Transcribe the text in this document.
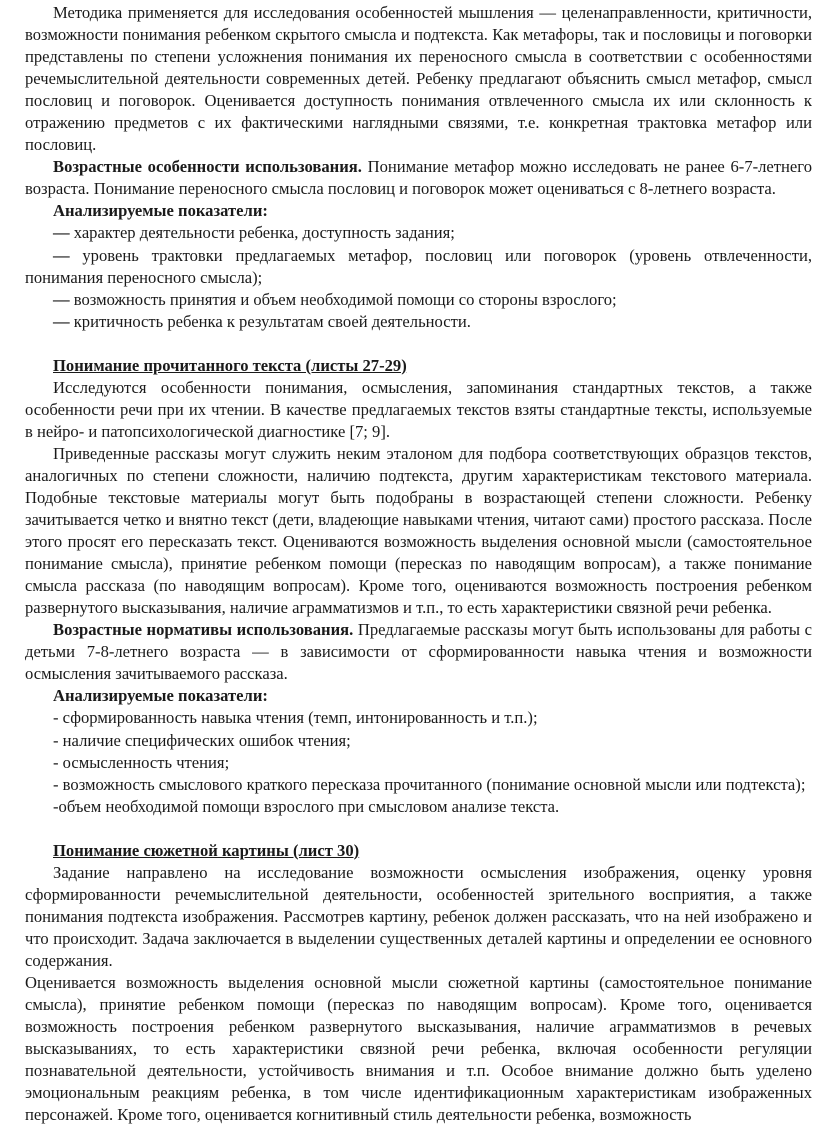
Методика применяется для исследования особенностей мышления — целенаправленности, критичности, возможности понимания ребенком скрытого смысла и подтекста. Как метафоры, так и пословицы и поговорки представлены по степени усложнения понимания их переносного смысла в соответствии с особенностями речемыслительной деятельности современных детей. Ребенку предлагают объяснить смысл метафор, смысл пословиц и поговорок. Оценивается доступность понимания отвлеченного смысла их или склонность к отражению предметов с их фактическими наглядными связями, т.е. конкретная трактовка метафор или пословиц.

Возрастные особенности использования. Понимание метафор можно исследовать не ранее 6-7-летнего возраста. Понимание переносного смысла пословиц и поговорок может оцениваться с 8-летнего возраста.

Анализируемые показатели:

— характер деятельности ребенка, доступность задания;

— уровень трактовки предлагаемых метафор, пословиц или поговорок (уровень отвлеченности, понимания переносного смысла);

— возможность принятия и объем необходимой помощи со стороны взрослого;

— критичность ребенка к результатам своей деятельности.

Понимание прочитанного текста (листы 27-29)

Исследуются особенности понимания, осмысления, запоминания стандартных текстов, а также особенности речи при их чтении. В качестве предлагаемых текстов взяты стандартные тексты, используемые в нейро- и патопсихологической диагностике [7; 9].

Приведенные рассказы могут служить неким эталоном для подбора соответствующих образцов текстов, аналогичных по степени сложности, наличию подтекста, другим характеристикам текстового материала. Подобные текстовые материалы могут быть подобраны в возрастающей степени сложности. Ребенку зачитывается четко и внятно текст (дети, владеющие навыками чтения, читают сами) простого рассказа. После этого просят его пересказать текст. Оцениваются возможность выделения основной мысли (самостоятельное понимание смысла), принятие ребенком помощи (пересказ по наводящим вопросам), а также понимание смысла рассказа (по наводящим вопросам). Кроме того, оцениваются возможность построения ребенком развернутого высказывания, наличие аграмматизмов и т.п., то есть характеристики связной речи ребенка.

Возрастные нормативы использования. Предлагаемые рассказы могут быть использованы для работы с детьми 7-8-летнего возраста — в зависимости от сформированности навыка чтения и возможности осмысления зачитываемого рассказа.

Анализируемые показатели:

- сформированность навыка чтения (темп, интонированность и т.п.);

- наличие специфических ошибок чтения;

- осмысленность чтения;

- возможность смыслового краткого пересказа прочитанного (понимание основной мысли или подтекста);

-объем необходимой помощи взрослого при смысловом анализе текста.

Понимание сюжетной картины (лист 30)

Задание направлено на исследование возможности осмысления изображения, оценку уровня сформированности речемыслительной деятельности, особенностей зрительного восприятия, а также понимания подтекста изображения. Рассмотрев картину, ребенок должен рассказать, что на ней изображено и что происходит. Задача заключается в выделении существенных деталей картины и определении ее основного содержания.

Оценивается возможность выделения основной мысли сюжетной картины (самостоятельное понимание смысла), принятие ребенком помощи (пересказ по наводящим вопросам). Кроме того, оценивается возможность построения ребенком развернутого высказывания, наличие аграмматизмов в речевых высказываниях, то есть характеристики связной речи ребенка, включая особенности регуляции познавательной деятельности, устойчивость внимания и т.п. Особое внимание должно быть уделено эмоциональным реакциям ребенка, в том числе идентификационным характеристикам изображенных персонажей. Кроме того, оценивается когнитивный стиль деятельности ребенка, возможность
